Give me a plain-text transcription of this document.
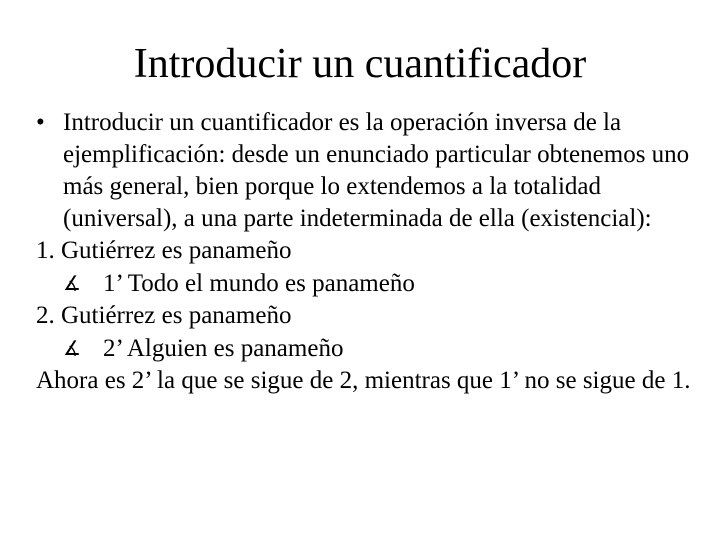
Introducir un cuantificador

• Introducir un cuantificador es la operación inversa de la ejemplificación: desde un enunciado particular obtenemos uno más general, bien porque lo extendemos a la totalidad (universal), a una parte indeterminada de ella (existencial):

1. Gutiérrez es panameño

∡ 1’ Todo el mundo es panameño

2. Gutiérrez es panameño

∡ 2’ Alguien es panameño

Ahora es 2’ la que se sigue de 2, mientras que 1’ no se sigue de 1.
